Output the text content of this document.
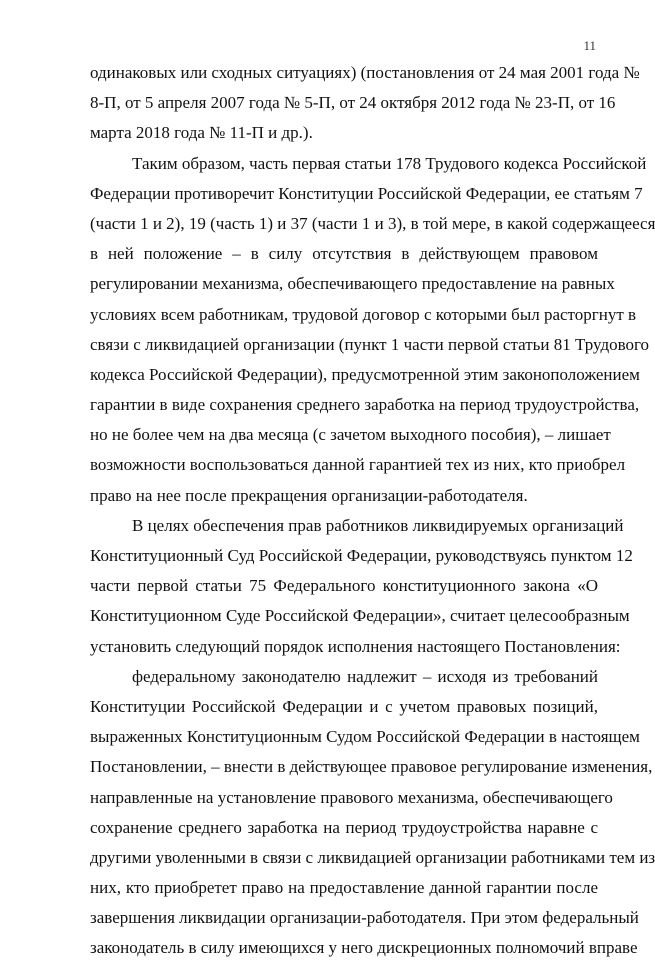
11
одинаковых или сходных ситуациях) (постановления от 24 мая 2001 года №
8-П, от 5 апреля 2007 года № 5-П, от 24 октября 2012 года № 23-П, от 16
марта 2018 года № 11-П и др.).
Таким образом, часть первая статьи 178 Трудового кодекса Российской
Федерации противоречит Конституции Российской Федерации, ее статьям 7
(части 1 и 2), 19 (часть 1) и 37 (части 1 и 3), в той мере, в какой содержащееся
в ней положение – в силу отсутствия в действующем правовом
регулировании механизма, обеспечивающего предоставление на равных
условиях всем работникам, трудовой договор с которыми был расторгнут в
связи с ликвидацией организации (пункт 1 части первой статьи 81 Трудового
кодекса Российской Федерации), предусмотренной этим законоположением
гарантии в виде сохранения среднего заработка на период трудоустройства,
но не более чем на два месяца (с зачетом выходного пособия), – лишает
возможности воспользоваться данной гарантией тех из них, кто приобрел
право на нее после прекращения организации-работодателя.
В целях обеспечения прав работников ликвидируемых организаций
Конституционный Суд Российской Федерации, руководствуясь пунктом 12
части первой статьи 75 Федерального конституционного закона «О
Конституционном Суде Российской Федерации», считает целесообразным
установить следующий порядок исполнения настоящего Постановления:
федеральному законодателю надлежит – исходя из требований
Конституции Российской Федерации и с учетом правовых позиций,
выраженных Конституционным Судом Российской Федерации в настоящем
Постановлении, – внести в действующее правовое регулирование изменения,
направленные на установление правового механизма, обеспечивающего
сохранение среднего заработка на период трудоустройства наравне с
другими уволенными в связи с ликвидацией организации работниками тем из
них, кто приобретет право на предоставление данной гарантии после
завершения ликвидации организации-работодателя. При этом федеральный
законодатель в силу имеющихся у него дискреционных полномочий вправе
